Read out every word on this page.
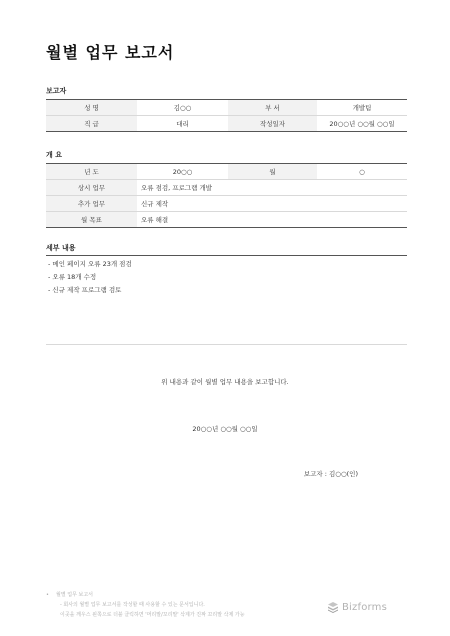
월별 업무 보고서
보고자
성 명	김○○	부 서	개발팀
직 급	대리	작성일자	20○○년 ○○월 ○○일
개 요
년 도	20○○	월	○
상시 업무	오류 점검, 프로그램 개발		
추가 업무	신규 제작		
월 목표	오류 해결		
세부 내용
- 메인 페이지 오류 23개 점검
- 오류 18개 수정
- 신규 제작 프로그램 검토
위 내용과 같이 월별 업무 내용을 보고합니다.
20○○년 ○○월 ○○일
보고자 : 김○○(인)
• 월별 업무 보고서
- 회사의 월별 업무 보고서를 작성할 때 사용할 수 있는 문서입니다.
이곳을 깨우스 왼쪽으로 더블 클릭하면 '머리말/꼬리말' 삭제가 진짜 꼬리말 삭제 가능
Bizforms
